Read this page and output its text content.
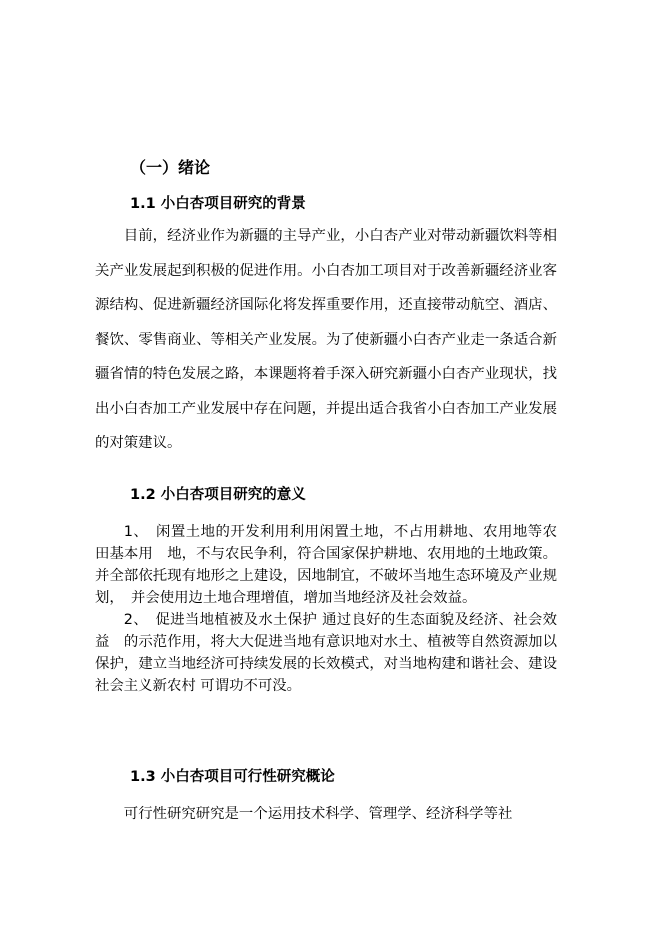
（一）绪论
1.1 小白杏项目研究的背景

目前，经济业作为新疆的主导产业，小白杏产业对带动新疆饮料等相关产业发展起到积极的促进作用。小白杏加工项目对于改善新疆经济业客源结构、促进新疆经济国际化将发挥重要作用，还直接带动航空、酒店、餐饮、零售商业、等相关产业发展。为了使新疆小白杏产业走一条适合新疆省情的特色发展之路，本课题将着手深入研究新疆小白杏产业现状，找出小白杏加工产业发展中存在问题，并提出适合我省小白杏加工产业发展的对策建议。

1.2 小白杏项目研究的意义

1、　闲置土地的开发利用利用闲置土地，不占用耕地、农用地等农田基本用　地，不与农民争利，符合国家保护耕地、农用地的土地政策。并全部依托现有地形之上建设，因地制宜，不破坏当地生态环境及产业规划，　并会使用边土地合理增值，增加当地经济及社会效益。

2、　促进当地植被及水土保护 通过良好的生态面貌及经济、社会效益　的示范作用，将大大促进当地有意识地对水土、植被等自然资源加以保护，建立当地经济可持续发展的长效模式，对当地构建和谐社会、建设社会主义新农村 可谓功不可没。

1.3 小白杏项目可行性研究概论

可行性研究研究是一个运用技术科学、管理学、经济科学等社
